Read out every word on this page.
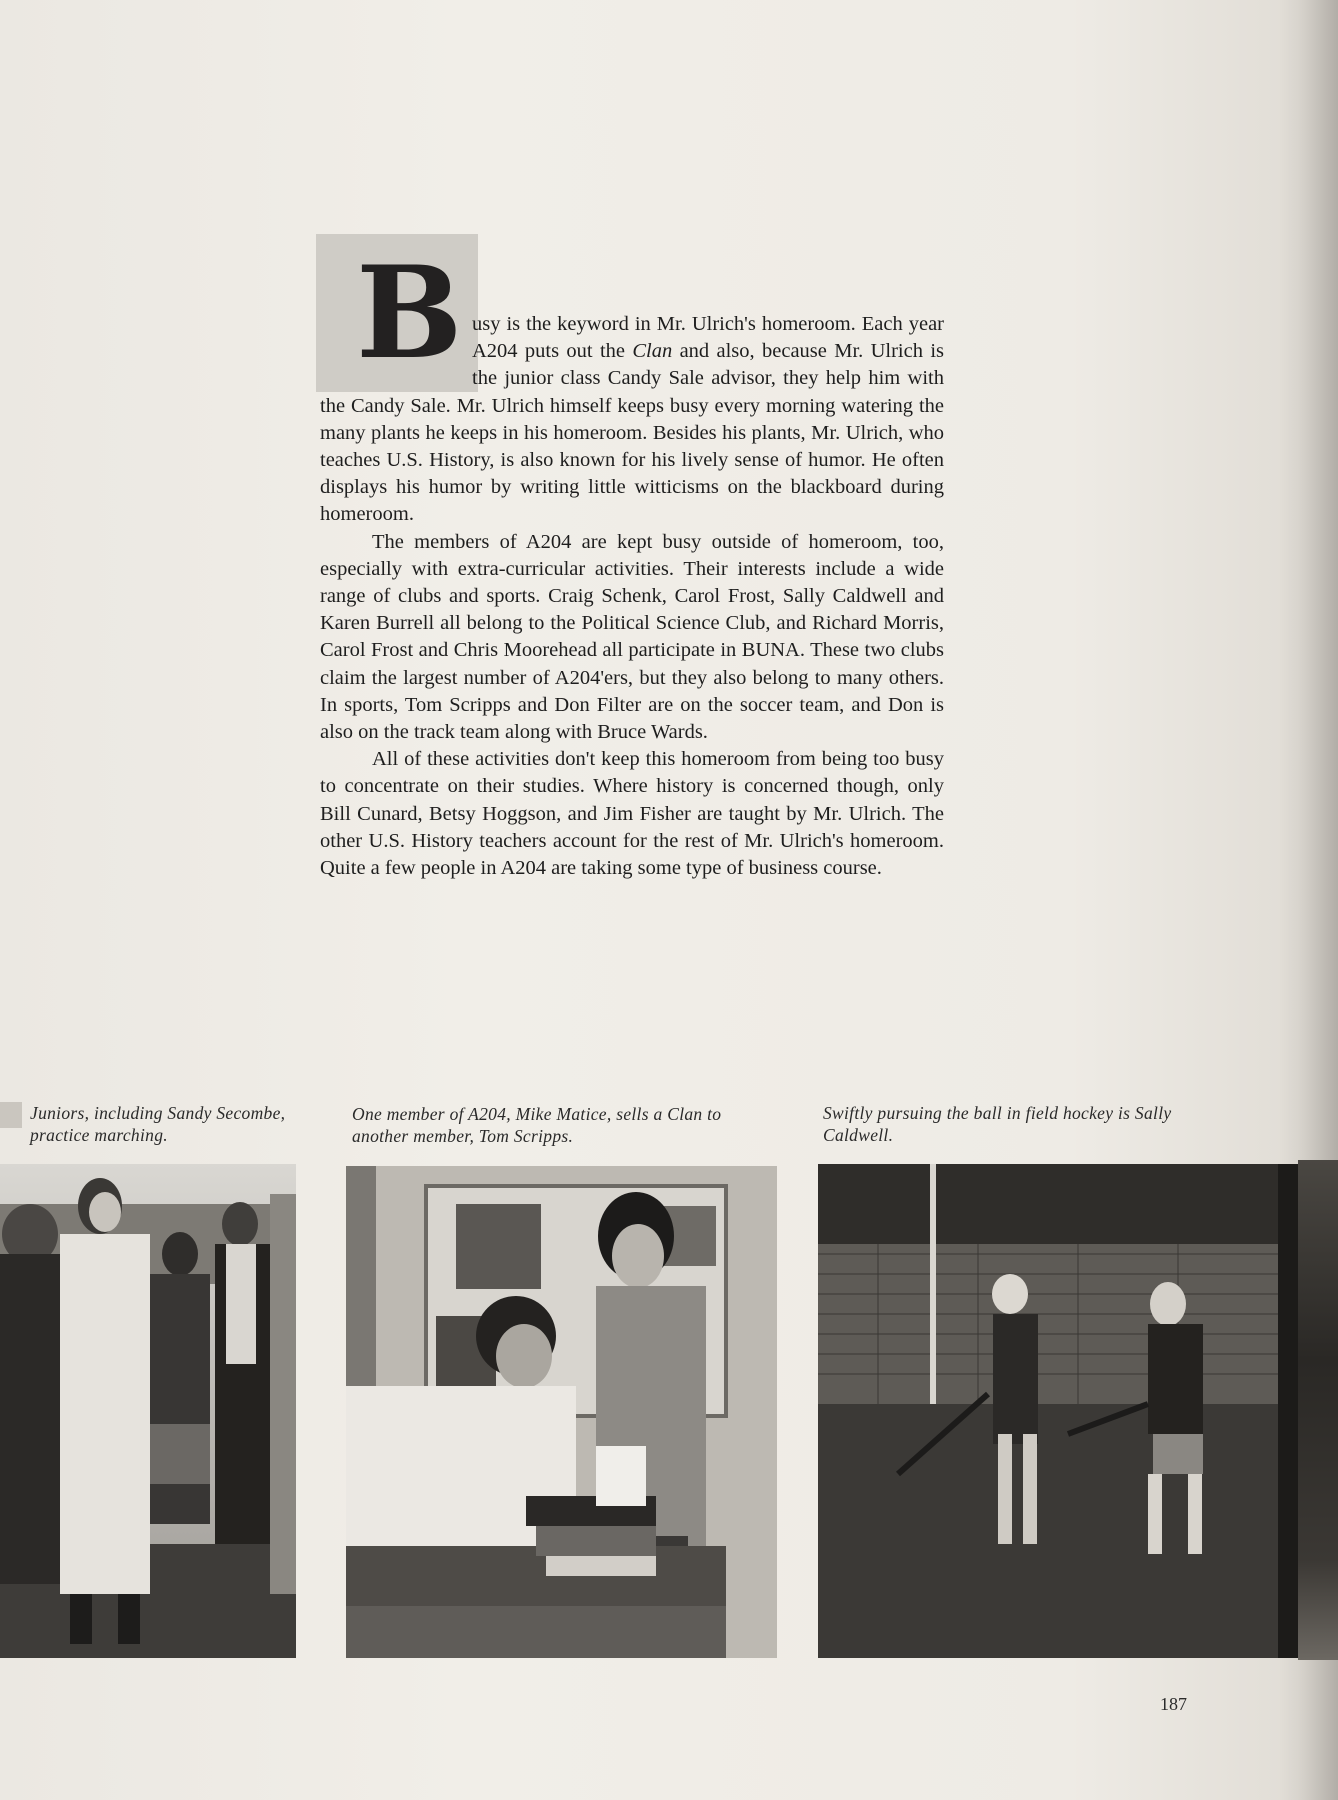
B usy is the keyword in Mr. Ulrich's homeroom. Each year A204 puts out the Clan and also, because Mr. Ulrich is the junior class Candy Sale advisor, they help him with the Candy Sale. Mr. Ulrich himself keeps busy every morning watering the many plants he keeps in his homeroom. Besides his plants, Mr. Ulrich, who teaches U.S. History, is also known for his lively sense of humor. He often displays his humor by writing little witticisms on the blackboard during homeroom.

The members of A204 are kept busy outside of homeroom, too, especially with extra-curricular activities. Their interests include a wide range of clubs and sports. Craig Schenk, Carol Frost, Sally Caldwell and Karen Burrell all belong to the Political Science Club, and Richard Morris, Carol Frost and Chris Moorehead all participate in BUNA. These two clubs claim the largest number of A204'ers, but they also belong to many others. In sports, Tom Scripps and Don Filter are on the soccer team, and Don is also on the track team along with Bruce Wards.

All of these activities don't keep this homeroom from being too busy to concentrate on their studies. Where history is concerned though, only Bill Cunard, Betsy Hoggson, and Jim Fisher are taught by Mr. Ulrich. The other U.S. History teachers account for the rest of Mr. Ulrich's homeroom. Quite a few people in A204 are taking some type of business course.

Juniors, including Sandy Secombe, practice marching.
One member of A204, Mike Matice, sells a Clan to another member, Tom Scripps.
Swiftly pursuing the ball in field hockey is Sally Caldwell.
187
